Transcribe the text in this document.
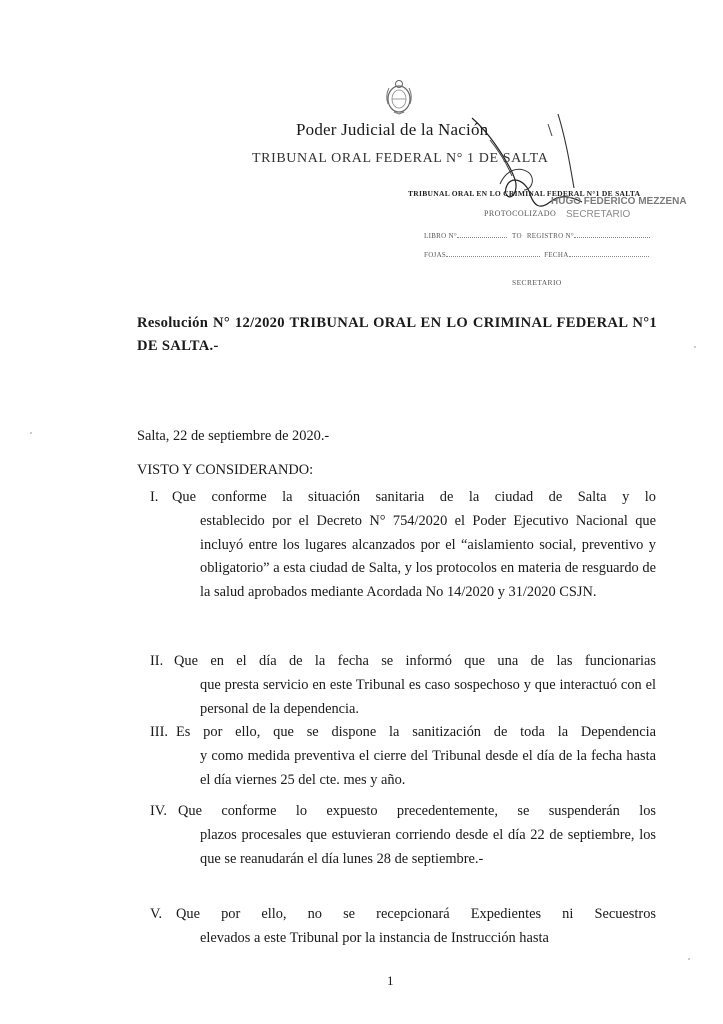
Poder Judicial de la Nación
TRIBUNAL ORAL FEDERAL N° 1 DE SALTA
TRIBUNAL ORAL EN LO CRIMINAL FEDERAL N°1 DE SALTA
HUGO FEDERICO MEZZENA
PROTOCOLIZADO SECRETARIO
LIBRO N°	TO REGISTRO N°
FOJAS	FECHA
SECRETARIO
Resolución N° 12/2020 TRIBUNAL ORAL EN LO CRIMINAL FEDERAL N°1 DE SALTA.-
Salta, 22 de septiembre de 2020.-
VISTO Y CONSIDERANDO:
I. Que conforme la situación sanitaria de la ciudad de Salta y lo
establecido por el Decreto N° 754/2020 el Poder Ejecutivo Nacional que incluyó entre los lugares alcanzados por el “aislamiento social, preventivo y obligatorio” a esta ciudad de Salta, y los protocolos en materia de resguardo de la salud aprobados mediante Acordada No 14/2020 y 31/2020 CSJN.
II. Que en el día de la fecha se informó que una de las funcionarias
que presta servicio en este Tribunal es caso sospechoso y que interactuó con el personal de la dependencia.
III. Es por ello, que se dispone la sanitización de toda la Dependencia
y como medida preventiva el cierre del Tribunal desde el día de la fecha hasta el día viernes 25 del cte. mes y año.
IV. Que conforme lo expuesto precedentemente, se suspenderán los
plazos procesales que estuvieran corriendo desde el día 22 de septiembre, los que se reanudarán el día lunes 28 de septiembre.-
V. Que por ello, no se recepcionará Expedientes ni Secuestros
elevados a este Tribunal por la instancia de Instrucción hasta
1
